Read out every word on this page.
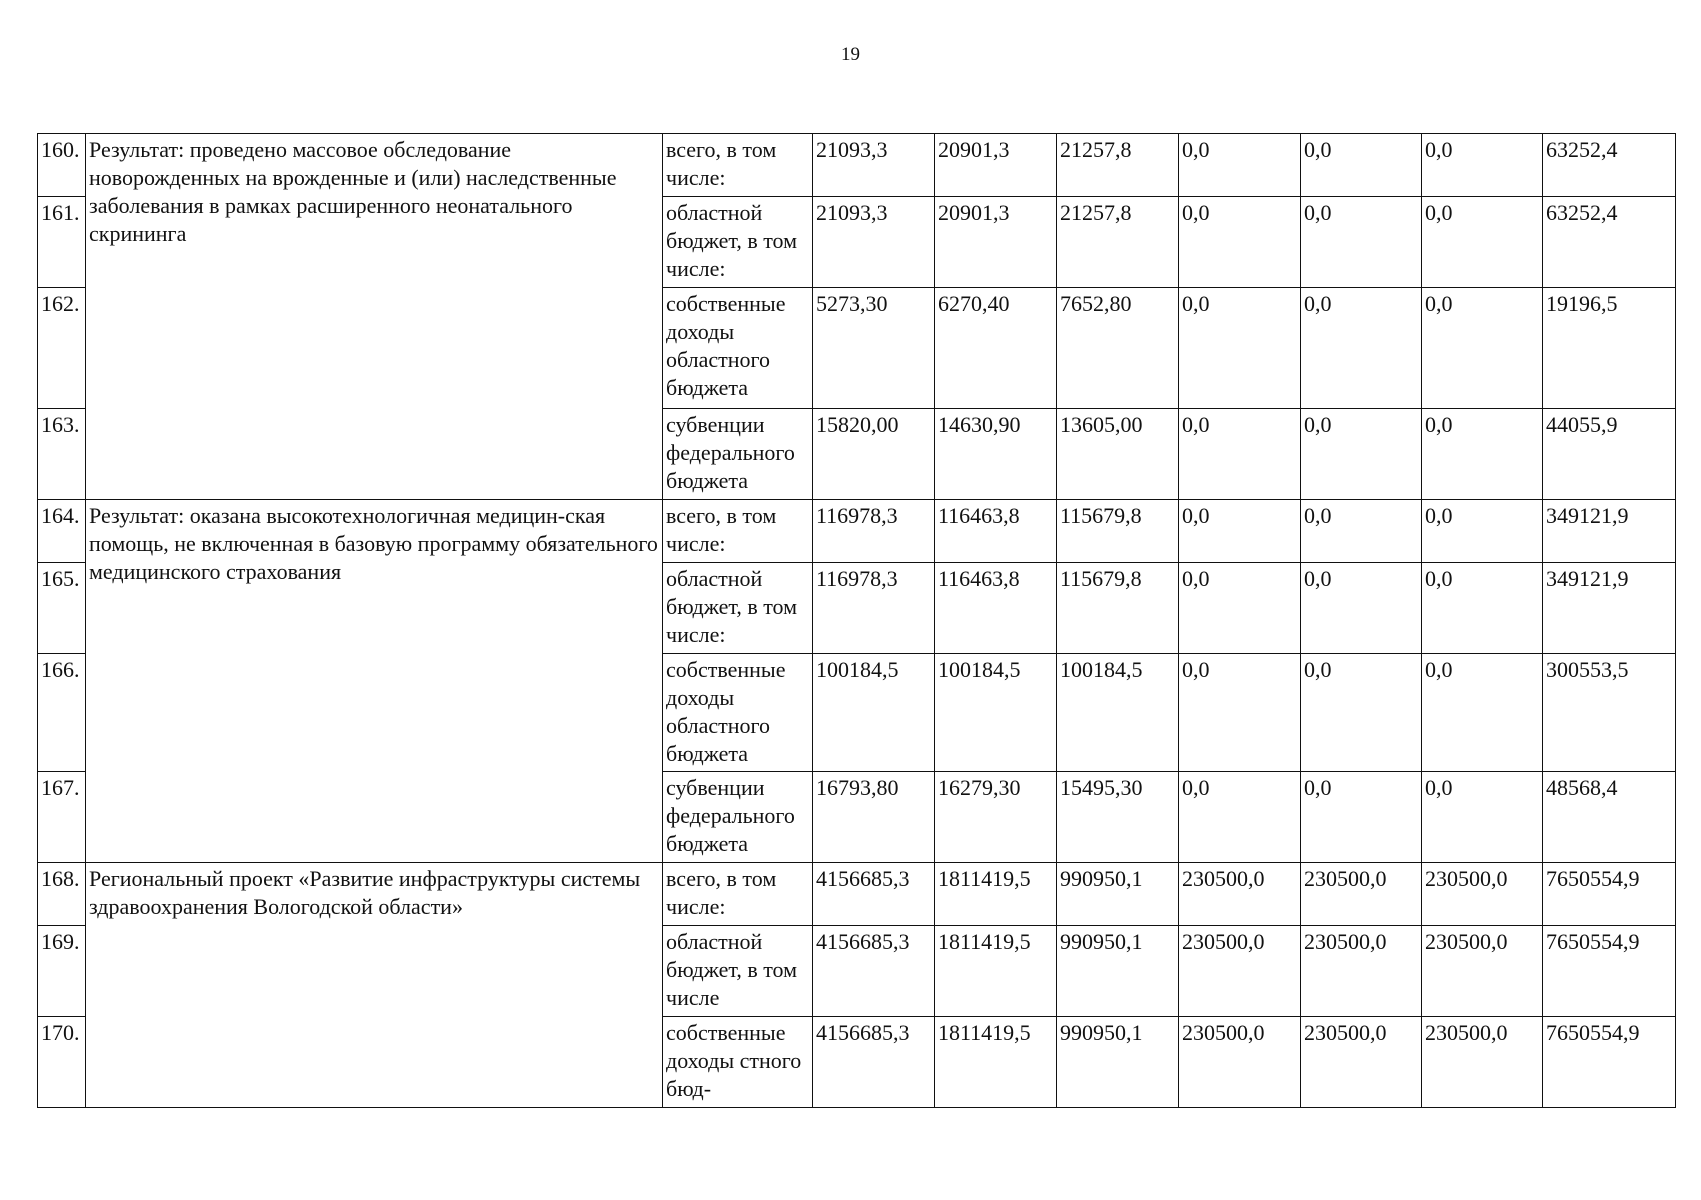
19
160.	Результат: проведено массовое обследование новорожденных на врожденные и (или) наследственные заболевания в рамках расширенного неонатального скрининга	всего, в том числе:	21093,3	20901,3	21257,8	0,0	0,0	0,0	63252,4
161.		областной бюджет, в том числе:	21093,3	20901,3	21257,8	0,0	0,0	0,0	63252,4
162.		собственные доходы областного бюджета	5273,30	6270,40	7652,80	0,0	0,0	0,0	19196,5
163.		субвенции федерального бюджета	15820,00	14630,90	13605,00	0,0	0,0	0,0	44055,9
164.	Результат: оказана высокотехнологичная медицин-ская помощь, не включенная в базовую программу обязательного медицинского страхования	всего, в том числе:	116978,3	116463,8	115679,8	0,0	0,0	0,0	349121,9
165.		областной бюджет, в том числе:	116978,3	116463,8	115679,8	0,0	0,0	0,0	349121,9
166.		собственные доходы областного бюджета	100184,5	100184,5	100184,5	0,0	0,0	0,0	300553,5
167.		субвенции федерального бюджета	16793,80	16279,30	15495,30	0,0	0,0	0,0	48568,4
168.	Региональный проект «Развитие инфраструктуры системы здравоохранения Вологодской области»	всего, в том числе:	4156685,3	1811419,5	990950,1	230500,0	230500,0	230500,0	7650554,9
169.		областной бюджет, в том числе	4156685,3	1811419,5	990950,1	230500,0	230500,0	230500,0	7650554,9
170.		собственные доходы стного бюд-	4156685,3	1811419,5	990950,1	230500,0	230500,0	230500,0	7650554,9
